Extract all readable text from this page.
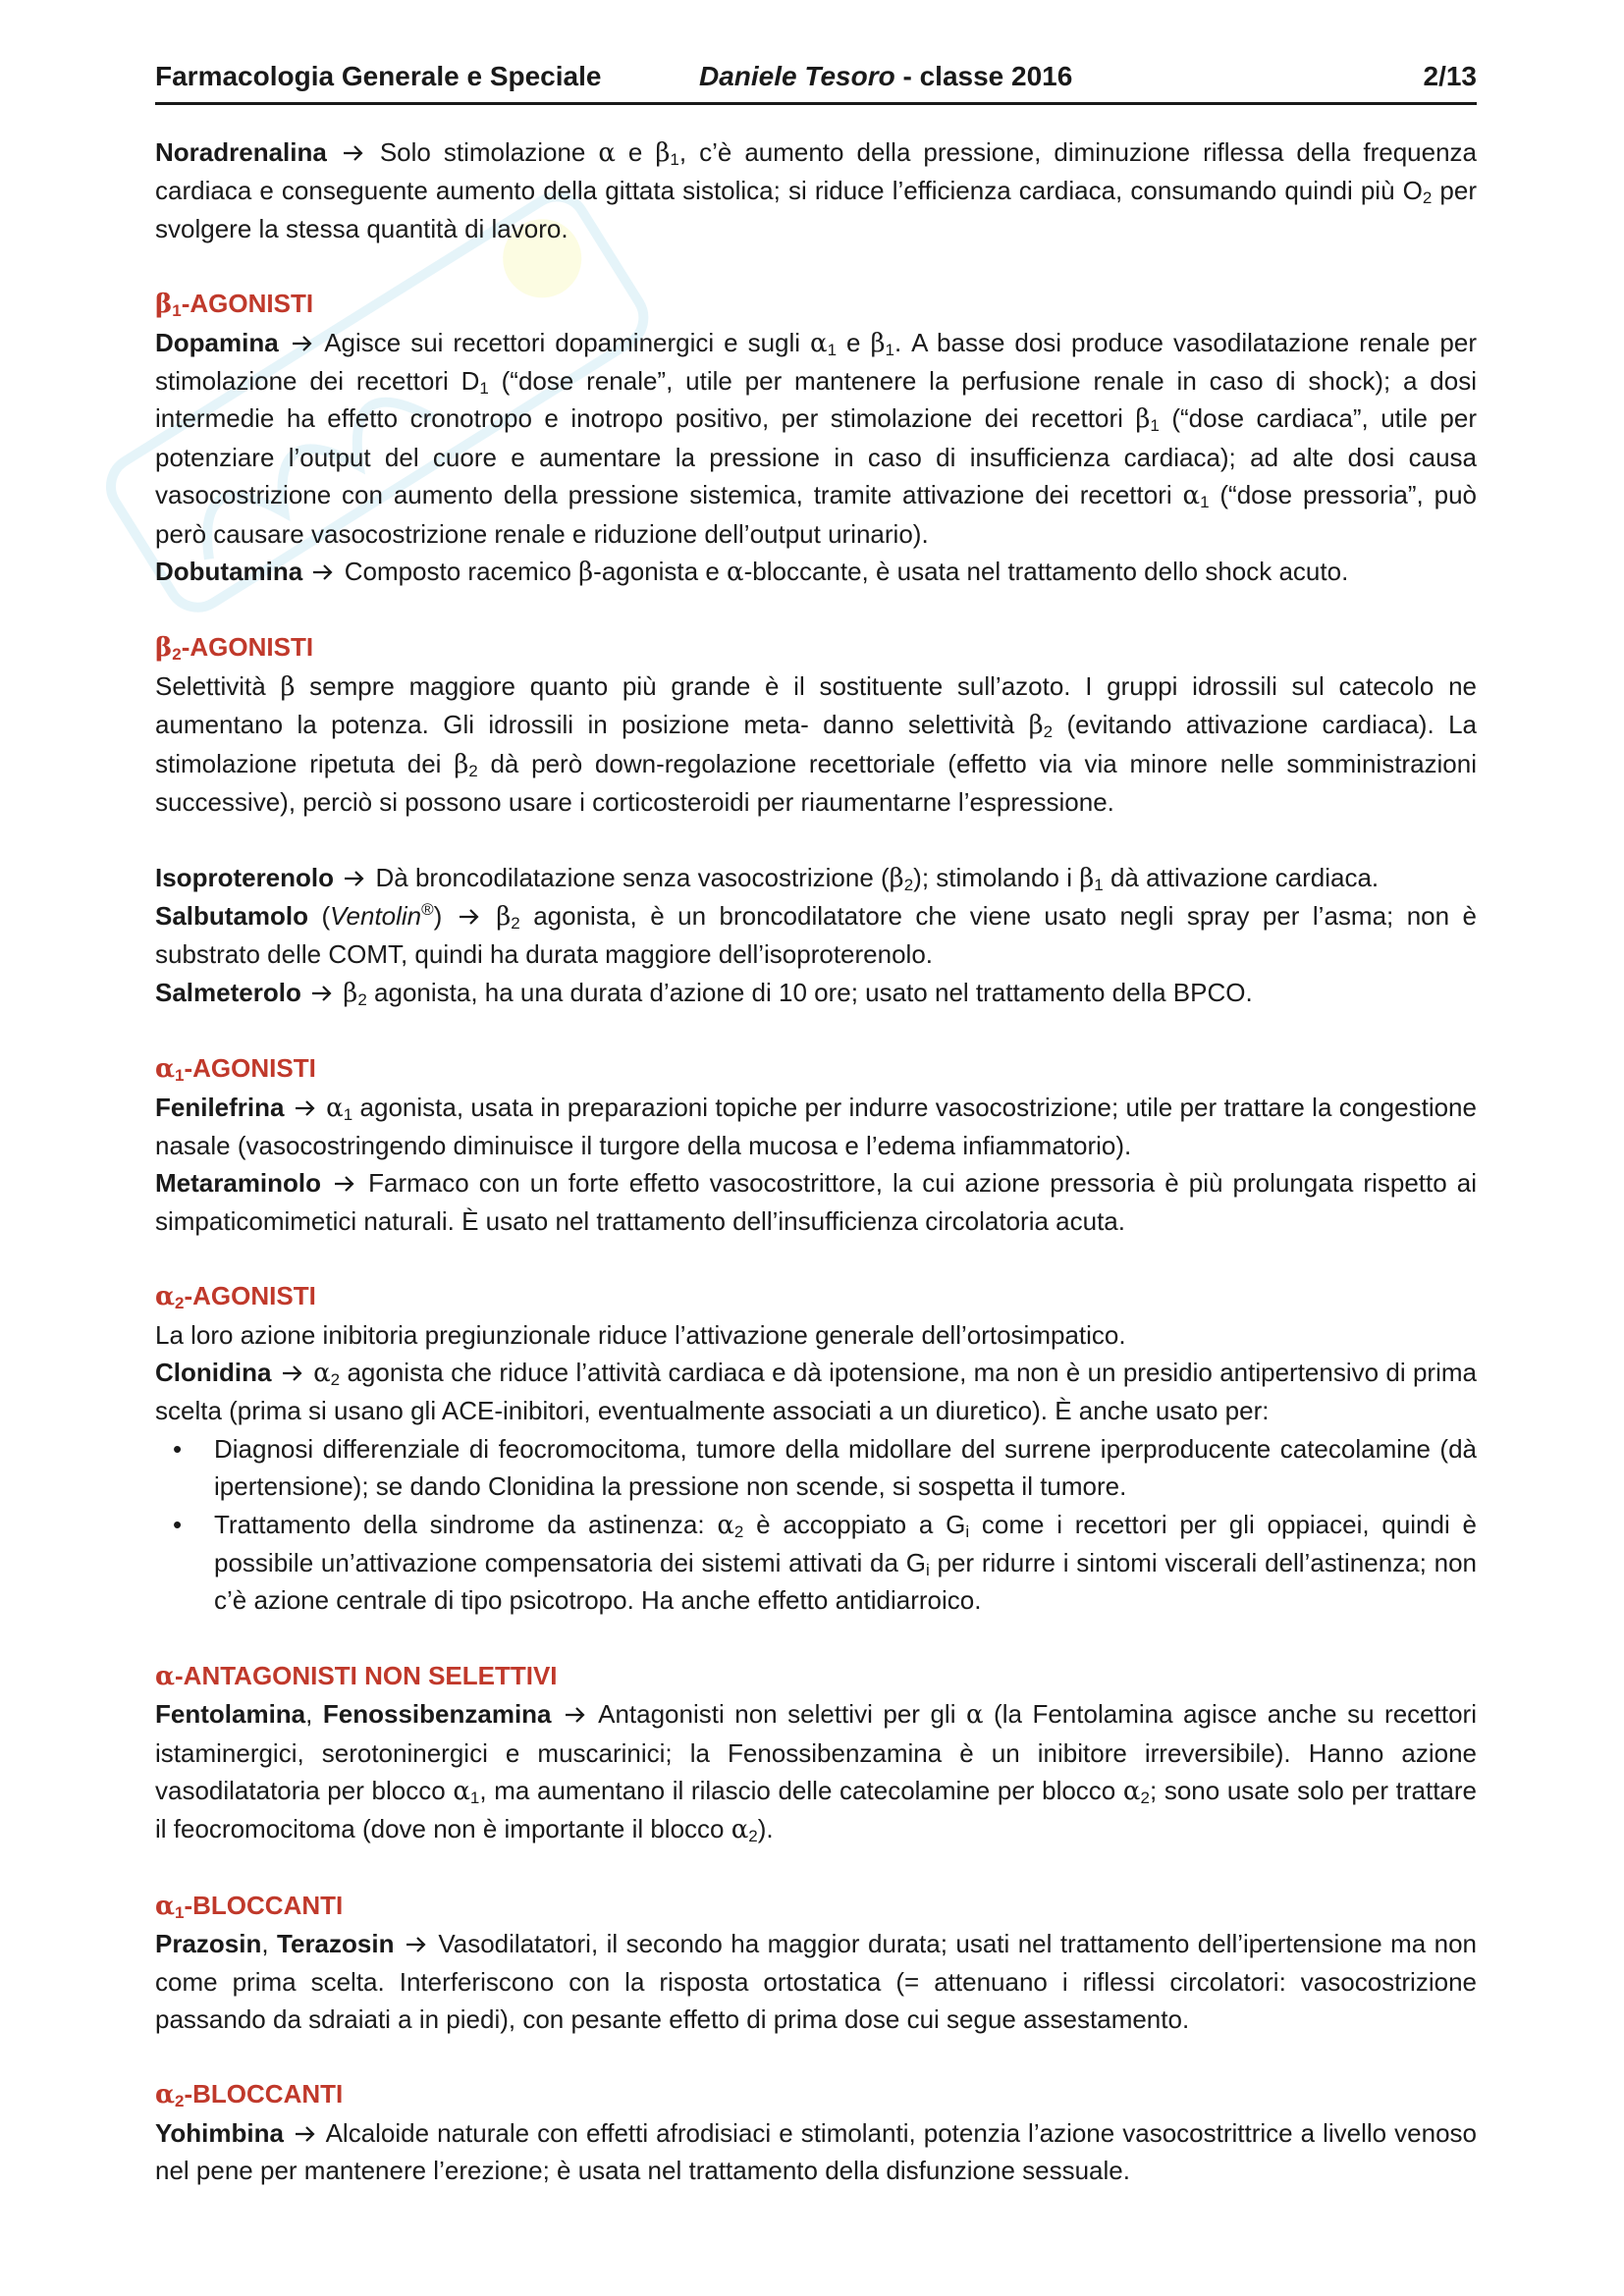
Farmacologia Generale e Speciale	Daniele Tesoro - classe 2016	2/13

Noradrenalina Solo stimolazione α e $\beta_1$, c’è aumento della pressione, diminuzione riflessa della frequenza cardiaca e conseguente aumento della gittata sistolica; si riduce l’efficienza cardiaca, consumando quindi più $O_2$ per svolgere la stessa quantità di lavoro.

$\beta_1$-AGONISTI

Dopamina Agisce sui recettori dopaminergici e sugli $\alpha_1$ e $\beta_1$. A basse dosi produce vasodilatazione renale per stimolazione dei recettori $D_1$ (“dose renale”, utile per mantenere la perfusione renale in caso di shock); a dosi intermedie ha effetto cronotropo e inotropo positivo, per stimolazione dei recettori $\beta_1$ (“dose cardiaca”, utile per potenziare l’output del cuore e aumentare la pressione in caso di insufficienza cardiaca); ad alte dosi causa vasocostrizione con aumento della pressione sistemica, tramite attivazione dei recettori $\alpha_1$ (“dose pressoria”, può però causare vasocostrizione renale e riduzione dell’output urinario).

Dobutamina Composto racemico β-agonista e α-bloccante, è usata nel trattamento dello shock acuto.

$\beta_2$-AGONISTI

Selettività β sempre maggiore quanto più grande è il sostituente sull’azoto. I gruppi idrossili sul catecolo ne aumentano la potenza. Gli idrossili in posizione meta- danno selettività $\beta_2$ (evitando attivazione cardiaca). La stimolazione ripetuta dei $\beta_2$ dà però down-regolazione recettoriale (effetto via via minore nelle somministrazioni successive), perciò si possono usare i corticosteroidi per riaumentarne l’espressione.

Isoproterenolo Dà broncodilatazione senza vasocostrizione $(\beta_2)$; stimolando i $\beta_1$ dà attivazione cardiaca.

Salbutamolo (Ventolin®)  $\beta_2$ agonista, è un broncodilatatore che viene usato negli spray per l’asma; non è substrato delle COMT, quindi ha durata maggiore dell’isoproterenolo.

Salmeterolo $\beta_2$ agonista, ha una durata d’azione di 10 ore; usato nel trattamento della BPCO.

$\alpha_1$-AGONISTI

Fenilefrina $\alpha_1$ agonista, usata in preparazioni topiche per indurre vasocostrizione; utile per trattare la congestione nasale (vasocostringendo diminuisce il turgore della mucosa e l’edema infiammatorio).

Metaraminolo Farmaco con un forte effetto vasocostrittore, la cui azione pressoria è più prolungata rispetto ai simpaticomimetici naturali. È usato nel trattamento dell’insufficienza circolatoria acuta.

$\alpha_2$-AGONISTI

La loro azione inibitoria pregiunzionale riduce l’attivazione generale dell’ortosimpatico.

Clonidina $\alpha_2$ agonista che riduce l’attività cardiaca e dà ipotensione, ma non è un presidio antipertensivo di prima scelta (prima si usano gli ACE-inibitori, eventualmente associati a un diuretico). È anche usato per:

• Diagnosi differenziale di feocromocitoma, tumore della midollare del surrene iperproducente catecolamine (dà ipertensione); se dando Clonidina la pressione non scende, si sospetta il tumore.
• Trattamento della sindrome da astinenza: $\alpha_2$ è accoppiato a $G_i$ come i recettori per gli oppiacei, quindi è possibile un’attivazione compensatoria dei sistemi attivati da $G_i$ per ridurre i sintomi viscerali dell’astinenza; non c’è azione centrale di tipo psicotropo. Ha anche effetto antidiarroico.

α-ANTAGONISTI NON SELETTIVI

Fentolamina, Fenossibenzamina Antagonisti non selettivi per gli α (la Fentolamina agisce anche su recettori istaminergici, serotoninergici e muscarinici; la Fenossibenzamina è un inibitore irreversibile). Hanno azione vasodilatatoria per blocco $\alpha_1$, ma aumentano il rilascio delle catecolamine per blocco $\alpha_2$; sono usate solo per trattare il feocromocitoma (dove non è importante il blocco $\alpha_2$).

$\alpha_1$-BLOCCANTI

Prazosin, Terazosin Vasodilatatori, il secondo ha maggior durata; usati nel trattamento dell’ipertensione ma non come prima scelta. Interferiscono con la risposta ortostatica (= attenuano i riflessi circolatori: vasocostrizione passando da sdraiati a in piedi), con pesante effetto di prima dose cui segue assestamento.

$\alpha_2$-BLOCCANTI

Yohimbina Alcaloide naturale con effetti afrodisiaci e stimolanti, potenzia l’azione vasocostrittrice a livello venoso nel pene per mantenere l’erezione; è usata nel trattamento della disfunzione sessuale.
